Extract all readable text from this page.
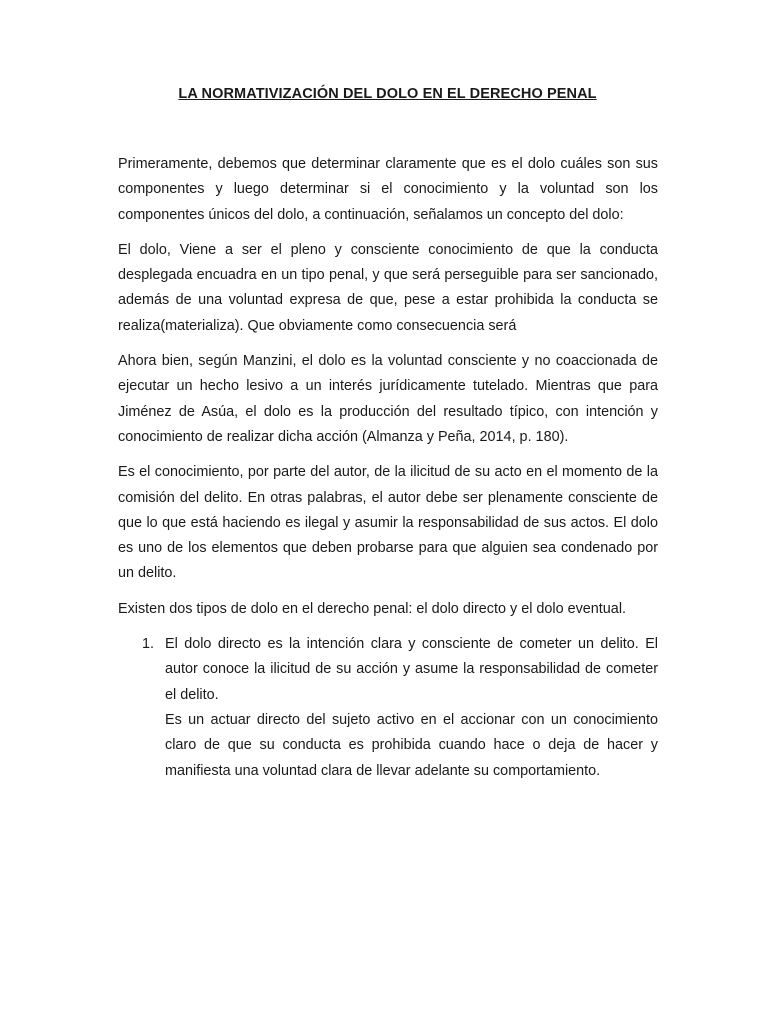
LA NORMATIVIZACIÓN DEL DOLO EN EL DERECHO PENAL

Primeramente, debemos que determinar claramente que es el dolo cuáles son sus componentes y luego determinar si el conocimiento y la voluntad son los componentes únicos del dolo, a continuación, señalamos un concepto del dolo:

El dolo, Viene a ser el pleno y consciente conocimiento de que la conducta desplegada encuadra en un tipo penal, y que será perseguible para ser sancionado, además de una voluntad expresa de que, pese a estar prohibida la conducta se realiza(materializa). Que obviamente como consecuencia será

Ahora bien, según Manzini, el dolo es la voluntad consciente y no coaccionada de ejecutar un hecho lesivo a un interés jurídicamente tutelado. Mientras que para Jiménez de Asúa, el dolo es la producción del resultado típico, con intención y conocimiento de realizar dicha acción (Almanza y Peña, 2014, p. 180).

Es el conocimiento, por parte del autor, de la ilicitud de su acto en el momento de la comisión del delito. En otras palabras, el autor debe ser plenamente consciente de que lo que está haciendo es ilegal y asumir la responsabilidad de sus actos. El dolo es uno de los elementos que deben probarse para que alguien sea condenado por un delito.

Existen dos tipos de dolo en el derecho penal: el dolo directo y el dolo eventual.

1. El dolo directo es la intención clara y consciente de cometer un delito. El autor conoce la ilicitud de su acción y asume la responsabilidad de cometer el delito.

Es un actuar directo del sujeto activo en el accionar con un conocimiento claro de que su conducta es prohibida cuando hace o deja de hacer y manifiesta una voluntad clara de llevar adelante su comportamiento.
